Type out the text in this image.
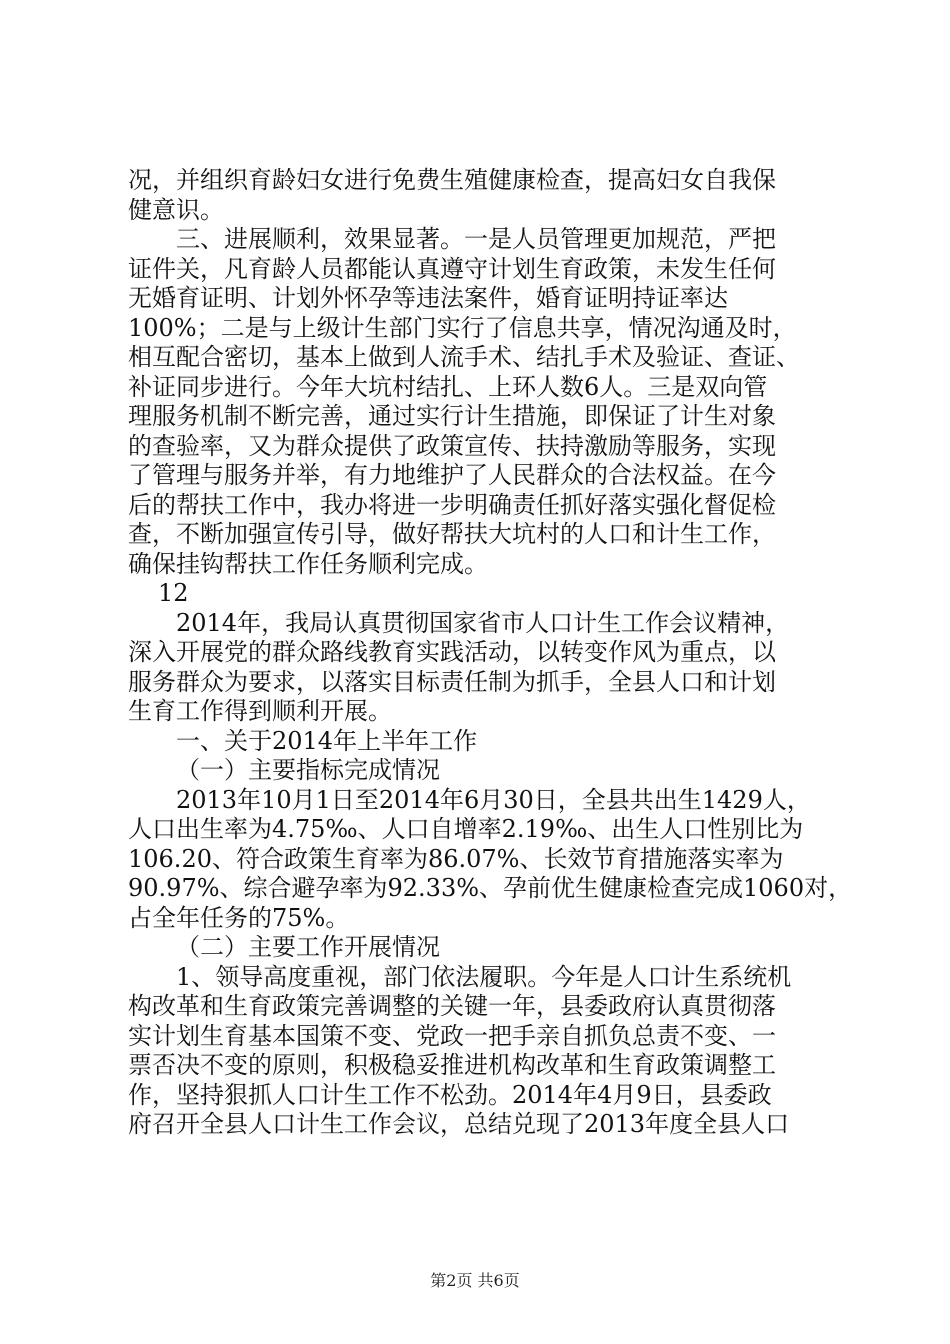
况，并组织育龄妇女进行免费生殖健康检查，提高妇女自我保
健意识。
三、进展顺利，效果显著。一是人员管理更加规范，严把
证件关，凡育龄人员都能认真遵守计划生育政策，未发生任何
无婚育证明、计划外怀孕等违法案件，婚育证明持证率达
100%；二是与上级计生部门实行了信息共享，情况沟通及时，
相互配合密切，基本上做到人流手术、结扎手术及验证、查证、
补证同步进行。今年大坑村结扎、上环人数6人。三是双向管
理服务机制不断完善，通过实行计生措施，即保证了计生对象
的查验率，又为群众提供了政策宣传、扶持激励等服务，实现
了管理与服务并举，有力地维护了人民群众的合法权益。在今
后的帮扶工作中，我办将进一步明确责任抓好落实强化督促检
查，不断加强宣传引导，做好帮扶大坑村的人口和计生工作，
确保挂钩帮扶工作任务顺利完成。
12
2014年，我局认真贯彻国家省市人口计生工作会议精神，
深入开展党的群众路线教育实践活动，以转变作风为重点，以
服务群众为要求，以落实目标责任制为抓手，全县人口和计划
生育工作得到顺利开展。
一、关于2014年上半年工作
（一）主要指标完成情况
2013年10月1日至2014年6月30日，全县共出生1429人，
人口出生率为4.75‰、人口自增率2.19‰、出生人口性别比为
106.20、符合政策生育率为86.07%、长效节育措施落实率为
90.97%、综合避孕率为92.33%、孕前优生健康检查完成1060对，
占全年任务的75%。
（二）主要工作开展情况
1、领导高度重视，部门依法履职。今年是人口计生系统机
构改革和生育政策完善调整的关键一年，县委政府认真贯彻落
实计划生育基本国策不变、党政一把手亲自抓负总责不变、一
票否决不变的原则，积极稳妥推进机构改革和生育政策调整工
作，坚持狠抓人口计生工作不松劲。2014年4月9日，县委政
府召开全县人口计生工作会议，总结兑现了2013年度全县人口
第2页 共6页
